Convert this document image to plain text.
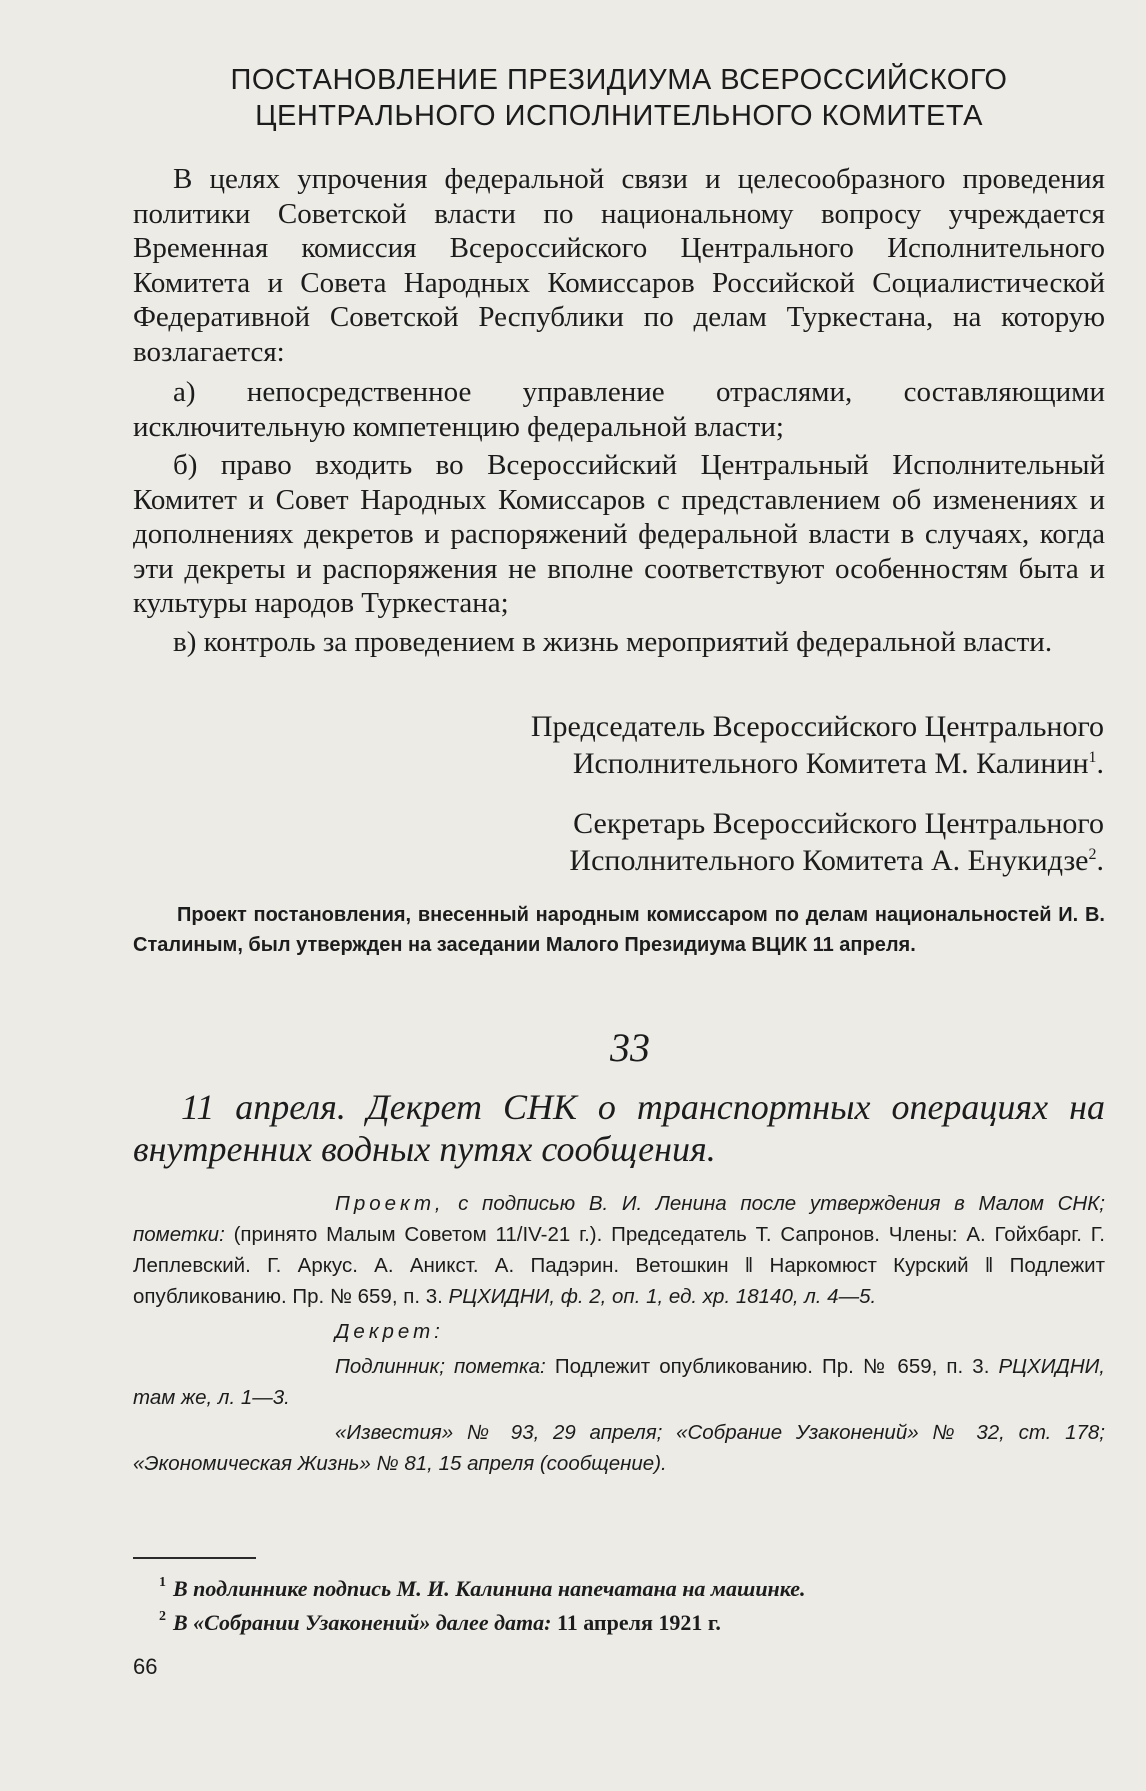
ПОСТАНОВЛЕНИЕ ПРЕЗИДИУМА ВСЕРОССИЙСКОГО
ЦЕНТРАЛЬНОГО ИСПОЛНИТЕЛЬНОГО КОМИТЕТА

В целях упрочения федеральной связи и целесообразного проведения политики Советской власти по национальному вопросу учреждается Временная комиссия Всероссийского Центрального Исполнительного Комитета и Совета Народных Комиссаров Российской Социалистической Федеративной Советской Республики по делам Туркестана, на которую возлагается:

а) непосредственное управление отраслями, составляющими исключительную компетенцию федеральной власти;

б) право входить во Всероссийский Центральный Исполнительный Комитет и Совет Народных Комиссаров с представлением об изменениях и дополнениях декретов и распоряжений федеральной власти в случаях, когда эти декреты и распоряжения не вполне соответствуют особенностям быта и культуры народов Туркестана;

в) контроль за проведением в жизнь мероприятий федеральной власти.

Председатель Всероссийского Центрального
Исполнительного Комитета М. Калинин$^1$.
Секретарь Всероссийского Центрального
Исполнительного Комитета А. Енукидзе$^2$.

Проект постановления, внесенный народным комиссаром по делам национальностей И. В. Сталиным, был утвержден на заседании Малого Президиума ВЦИК 11 апреля.

33

11 апреля. Декрет СНК о транспортных операциях на внутренних водных путях сообщения.

Проект, с подписью В. И. Ленина после утверждения в Малом СНК; пометки: (принято Малым Советом 11/IV-21 г.). Председатель Т. Сапронов. Члены: А. Гойхбарг. Г. Леплевский. Г. Аркус. А. Аникст. А. Падэрин. Ветошкин ‖ Наркомюст Курский ‖ Подлежит опубликованию. Пр. № 659, п. 3. РЦХИДНИ, ф. 2, оп. 1, ед. хр. 18140, л. 4—5.

Декрет:

Подлинник; пометка: Подлежит опубликованию. Пр. № 659, п. 3. РЦХИДНИ, там же, л. 1—3.

«Известия» № 93, 29 апреля; «Собрание Узаконений» № 32, ст. 178; «Экономическая Жизнь» № 81, 15 апреля (сообщение).

1 В подлиннике подпись М. И. Калинина напечатана на машинке.
2 В «Собрании Узаконений» далее дата: 11 апреля 1921 г.
66
